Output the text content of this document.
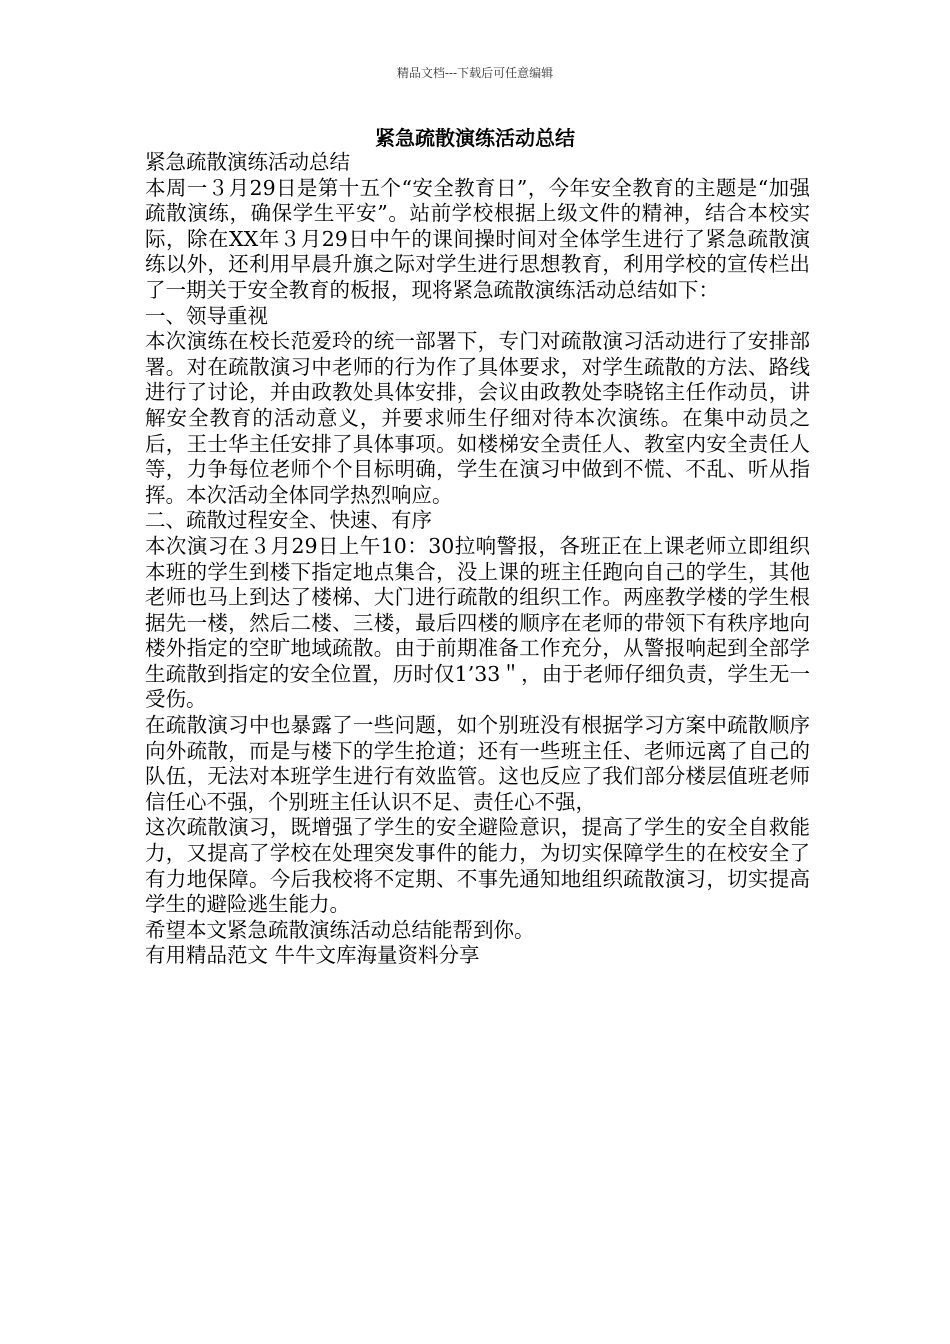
精品文档---下载后可任意编辑
紧急疏散演练活动总结

紧急疏散演练活动总结

本周一３月29日是第十五个“安全教育日”，今年安全教育的主题是“加强疏散演练，确保学生平安”。站前学校根据上级文件的精神，结合本校实际，除在XX年３月29日中午的课间操时间对全体学生进行了紧急疏散演练以外，还利用早晨升旗之际对学生进行思想教育，利用学校的宣传栏出了一期关于安全教育的板报，现将紧急疏散演练活动总结如下：

一、领导重视

本次演练在校长范爱玲的统一部署下，专门对疏散演习活动进行了安排部署。对在疏散演习中老师的行为作了具体要求，对学生疏散的方法、路线进行了讨论，并由政教处具体安排，会议由政教处李晓铭主任作动员，讲解安全教育的活动意义，并要求师生仔细对待本次演练。在集中动员之后，王士华主任安排了具体事项。如楼梯安全责任人、教室内安全责任人等，力争每位老师个个目标明确，学生在演习中做到不慌、不乱、听从指挥。本次活动全体同学热烈响应。

二、疏散过程安全、快速、有序

本次演习在３月29日上午10：30拉响警报，各班正在上课老师立即组织本班的学生到楼下指定地点集合，没上课的班主任跑向自己的学生，其他老师也马上到达了楼梯、大门进行疏散的组织工作。两座教学楼的学生根据先一楼，然后二楼、三楼，最后四楼的顺序在老师的带领下有秩序地向楼外指定的空旷地域疏散。由于前期准备工作充分，从警报响起到全部学生疏散到指定的安全位置，历时仅1’33＂，由于老师仔细负责，学生无一受伤。

在疏散演习中也暴露了一些问题，如个别班没有根据学习方案中疏散顺序向外疏散，而是与楼下的学生抢道；还有一些班主任、老师远离了自己的队伍，无法对本班学生进行有效监管。这也反应了我们部分楼层值班老师信任心不强，个别班主任认识不足、责任心不强，

这次疏散演习，既增强了学生的安全避险意识，提高了学生的安全自救能力，又提高了学校在处理突发事件的能力，为切实保障学生的在校安全了有力地保障。今后我校将不定期、不事先通知地组织疏散演习，切实提高学生的避险逃生能力。

希望本文紧急疏散演练活动总结能帮到你。

有用精品范文 牛牛文库海量资料分享
